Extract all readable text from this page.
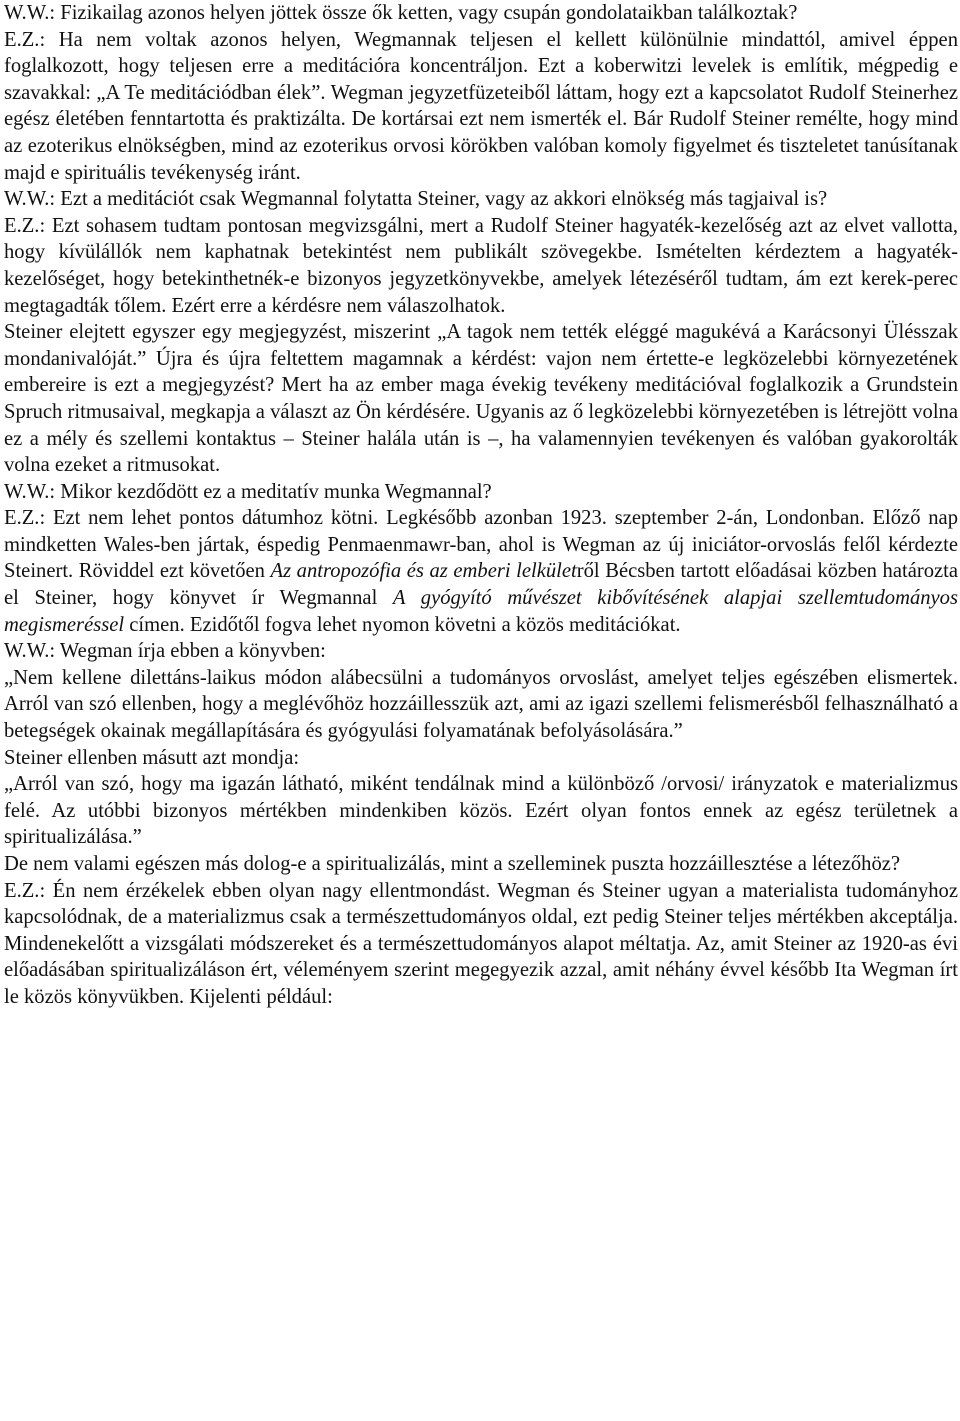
W.W.: Fizikailag azonos helyen jöttek össze ők ketten, vagy csupán gondolataikban találkoztak?

E.Z.: Ha nem voltak azonos helyen, Wegmannak teljesen el kellett különülnie mindattól, amivel éppen foglalkozott, hogy teljesen erre a meditációra koncentráljon. Ezt a koberwitzi levelek is említik, mégpedig e szavakkal: „A Te meditációdban élek”. Wegman jegyzetfüzeteiből láttam, hogy ezt a kapcsolatot Rudolf Steinerhez egész életében fenntartotta és praktizálta. De kortársai ezt nem ismerték el. Bár Rudolf Steiner remélte, hogy mind az ezoterikus elnökségben, mind az ezoterikus orvosi körökben valóban komoly figyelmet és tiszteletet tanúsítanak majd e spirituális tevékenység iránt.

W.W.: Ezt a meditációt csak Wegmannal folytatta Steiner, vagy az akkori elnökség más tagjaival is?

E.Z.: Ezt sohasem tudtam pontosan megvizsgálni, mert a Rudolf Steiner hagyaték-kezelőség azt az elvet vallotta, hogy kívülállók nem kaphatnak betekintést nem publikált szövegekbe. Ismételten kérdeztem a hagyaték-kezelőséget, hogy betekinthetnék-e bizonyos jegyzetkönyvekbe, amelyek létezéséről tudtam, ám ezt kerek-perec megtagadták tőlem. Ezért erre a kérdésre nem válaszolhatok.

Steiner elejtett egyszer egy megjegyzést, miszerint „A tagok nem tették eléggé magukévá a Karácsonyi Ülésszak mondanivalóját.” Újra és újra feltettem magamnak a kérdést: vajon nem értette-e legközelebbi környezetének embereire is ezt a megjegyzést? Mert ha az ember maga évekig tevékeny meditációval foglalkozik a Grundstein Spruch ritmusaival, megkapja a választ az Ön kérdésére. Ugyanis az ő legközelebbi környezetében is létrejött volna ez a mély és szellemi kontaktus – Steiner halála után is –, ha valamennyien tevékenyen és valóban gyakorolták volna ezeket a ritmusokat.

W.W.: Mikor kezdődött ez a meditatív munka Wegmannal?

E.Z.: Ezt nem lehet pontos dátumhoz kötni. Legkésőbb azonban 1923. szeptember 2-án, Londonban. Előző nap mindketten Wales-ben jártak, éspedig Penmaenmawr-ban, ahol is Wegman az új iniciátor-orvoslás felől kérdezte Steinert. Röviddel ezt követően Az antropozófia és az emberi lelkületről Bécsben tartott előadásai közben határozta el Steiner, hogy könyvet ír Wegmannal A gyógyító művészet kibővítésének alapjai szellemtudományos megismeréssel címen. Ezidőtől fogva lehet nyomon követni a közös meditációkat.

W.W.: Wegman írja ebben a könyvben:

„Nem kellene dilettáns-laikus módon alábecsülni a tudományos orvoslást, amelyet teljes egészében elismertek. Arról van szó ellenben, hogy a meglévőhöz hozzáillesszük azt, ami az igazi szellemi felismerésből felhasználható a betegségek okainak megállapítására és gyógyulási folyamatának befolyásolására.”

Steiner ellenben másutt azt mondja:

„Arról van szó, hogy ma igazán látható, miként tendálnak mind a különböző /orvosi/ irányzatok e materializmus felé. Az utóbbi bizonyos mértékben mindenkiben közös. Ezért olyan fontos ennek az egész területnek a spiritualizálása.”

De nem valami egészen más dolog-e a spiritualizálás, mint a szelleminek puszta hozzáillesztése a létezőhöz?

E.Z.: Én nem érzékelek ebben olyan nagy ellentmondást. Wegman és Steiner ugyan a materialista tudományhoz kapcsolódnak, de a materializmus csak a természettudományos oldal, ezt pedig Steiner teljes mértékben akceptálja. Mindenekelőtt a vizsgálati módszereket és a természettudományos alapot méltatja. Az, amit Steiner az 1920-as évi előadásában spiritualizáláson ért, véleményem szerint megegyezik azzal, amit néhány évvel később Ita Wegman írt le közös könyvükben. Kijelenti például:
